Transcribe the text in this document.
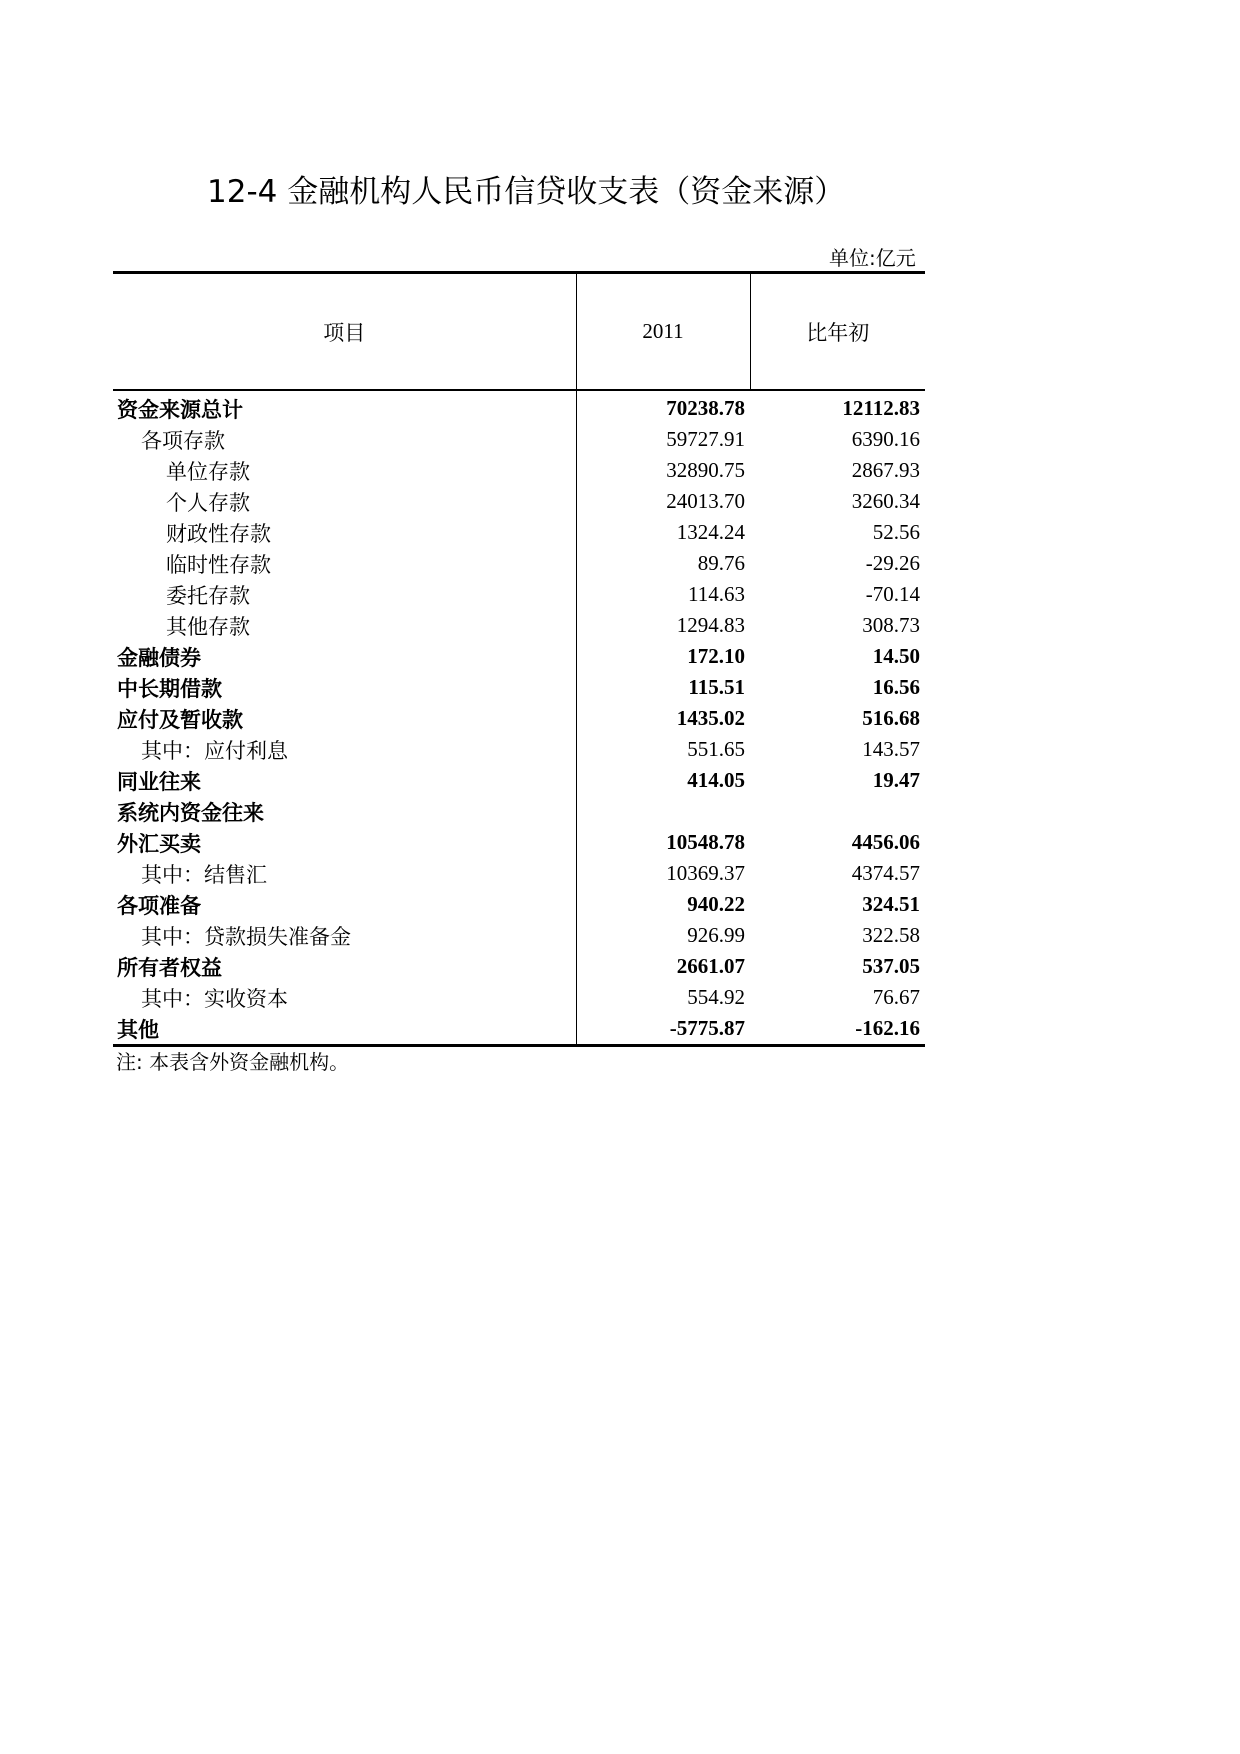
12-4 金融机构人民币信贷收支表（资金来源）
单位:亿元
项目	2011	比年初
资金来源总计	70238.78	12112.83
各项存款	59727.91	6390.16
单位存款	32890.75	2867.93
个人存款	24013.70	3260.34
财政性存款	1324.24	52.56
临时性存款	89.76	-29.26
委托存款	114.63	-70.14
其他存款	1294.83	308.73
金融债券	172.10	14.50
中长期借款	115.51	16.56
应付及暂收款	1435.02	516.68
其中：应付利息	551.65	143.57
同业往来	414.05	19.47
系统内资金往来		
外汇买卖	10548.78	4456.06
其中：结售汇	10369.37	4374.57
各项准备	940.22	324.51
其中：贷款损失准备金	926.99	322.58
所有者权益	2661.07	537.05
其中：实收资本	554.92	76.67
其他	-5775.87	-162.16
注: 本表含外资金融机构。
